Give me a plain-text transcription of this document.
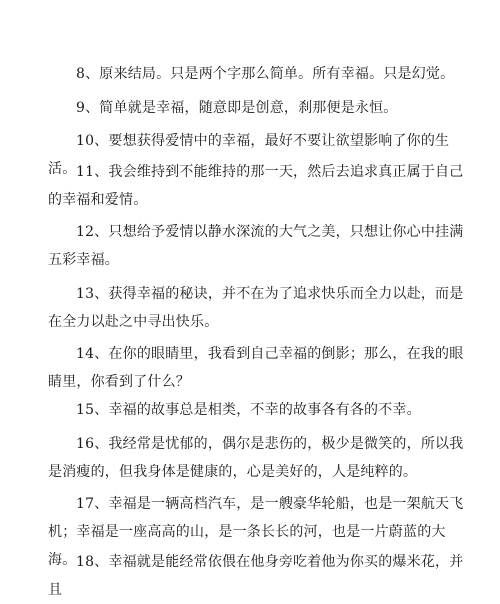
8、原来结局。只是两个字那么简单。所有幸福。只是幻觉。

9、简单就是幸福，随意即是创意，刹那便是永恒。

10、要想获得爱情中的幸福，最好不要让欲望影响了你的生活。 11、我会维持到不能维持的那一天，然后去追求真正属于自己的幸福和爱情。

12、只想给予爱情以静水深流的大气之美，只想让你心中挂满五彩幸福。

13、获得幸福的秘诀，并不在为了追求快乐而全力以赴，而是在全力以赴之中寻出快乐。

14、在你的眼睛里，我看到自己幸福的倒影；那么，在我的眼睛里，你看到了什么？

15、幸福的故事总是相类，不幸的故事各有各的不幸。

16、我经常是忧郁的，偶尔是悲伤的，极少是微笑的，所以我是消瘦的，但我身体是健康的，心是美好的，人是纯粹的。

17、幸福是一辆高档汽车，是一艘豪华轮船，也是一架航天飞机；幸福是一座高高的山，是一条长长的河，也是一片蔚蓝的大海。 18、幸福就是能经常依偎在他身旁吃着他为你买的爆米花，并且
